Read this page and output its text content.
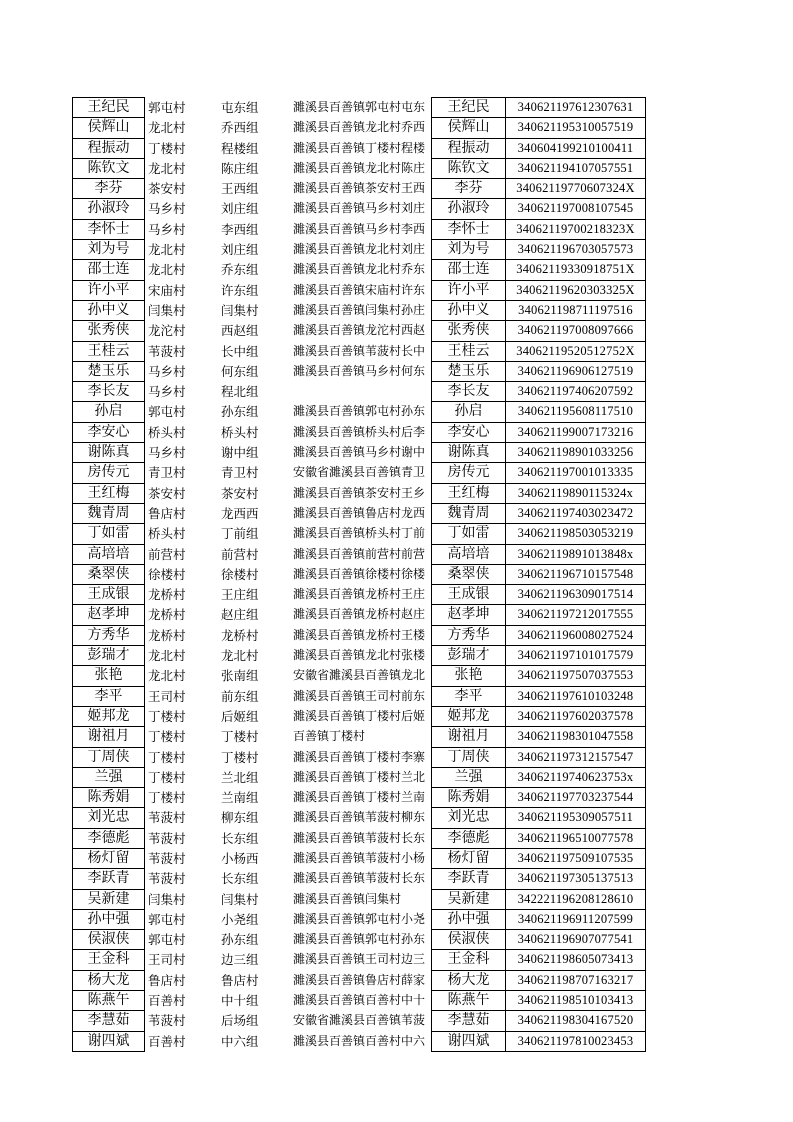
王纪民	郭屯村	屯东组	濉溪县百善镇郭屯村屯东	王纪民	340621197612307631
侯辉山	龙北村	乔西组	濉溪县百善镇龙北村乔西	侯辉山	340621195310057519
程振动	丁楼村	程楼组	濉溪县百善镇丁楼村程楼	程振动	340604199210100411
陈钦文	龙北村	陈庄组	濉溪县百善镇龙北村陈庄	陈钦文	340621194107057551
李芬	茶安村	王西组	濉溪县百善镇茶安村王西	李芬	34062119770607324X
孙淑玲	马乡村	刘庄组	濉溪县百善镇马乡村刘庄	孙淑玲	340621197008107545
李怀士	马乡村	李西组	濉溪县百善镇马乡村李西	李怀士	34062119700218323X
刘为号	龙北村	刘庄组	濉溪县百善镇龙北村刘庄	刘为号	340621196703057573
邵士连	龙北村	乔东组	濉溪县百善镇龙北村乔东	邵士连	34062119330918751X
许小平	宋庙村	许东组	濉溪县百善镇宋庙村许东	许小平	34062119620303325X
孙中义	闫集村	闫集村	濉溪县百善镇闫集村孙庄	孙中义	340621198711197516
张秀侠	龙沱村	西赵组	濉溪县百善镇龙沱村西赵	张秀侠	340621197008097666
王桂云	苇菠村	长中组	濉溪县百善镇苇菠村长中	王桂云	34062119520512752X
楚玉乐	马乡村	何东组	濉溪县百善镇马乡村何东	楚玉乐	340621196906127519
李长友	马乡村	程北组		李长友	340621197406207592
孙启	郭屯村	孙东组	濉溪县百善镇郭屯村孙东	孙启	340621195608117510
李安心	桥头村	桥头村	濉溪县百善镇桥头村后李	李安心	340621199007173216
谢陈真	马乡村	谢中组	濉溪县百善镇马乡村谢中	谢陈真	340621198901033256
房传元	青卫村	青卫村	安徽省濉溪县百善镇青卫	房传元	340621197001013335
王红梅	茶安村	茶安村	濉溪县百善镇茶安村王乡	王红梅	34062119890115324x
魏青周	鲁店村	龙西西	濉溪县百善镇鲁店村龙西	魏青周	340621197403023472
丁如雷	桥头村	丁前组	濉溪县百善镇桥头村丁前	丁如雷	340621198503053219
高培培	前营村	前营村	濉溪县百善镇前营村前营	高培培	34062119891013848x
桑翠侠	徐楼村	徐楼村	濉溪县百善镇徐楼村徐楼	桑翠侠	340621196710157548
王成银	龙桥村	王庄组	濉溪县百善镇龙桥村王庄	王成银	340621196309017514
赵孝坤	龙桥村	赵庄组	濉溪县百善镇龙桥村赵庄	赵孝坤	340621197212017555
方秀华	龙桥村	龙桥村	濉溪县百善镇龙桥村王楼	方秀华	340621196008027524
彭瑞才	龙北村	龙北村	濉溪县百善镇龙北村张楼	彭瑞才	340621197101017579
张艳	龙北村	张南组	安徽省濉溪县百善镇龙北	张艳	340621197507037553
李平	王司村	前东组	濉溪县百善镇王司村前东	李平	340621197610103248
姬邦龙	丁楼村	后姬组	濉溪县百善镇丁楼村后姬	姬邦龙	340621197602037578
谢祖月	丁楼村	丁楼村	百善镇丁楼村	谢祖月	340621198301047558
丁周侠	丁楼村	丁楼村	濉溪县百善镇丁楼村李寨	丁周侠	340621197312157547
兰强	丁楼村	兰北组	濉溪县百善镇丁楼村兰北	兰强	34062119740623753x
陈秀娟	丁楼村	兰南组	濉溪县百善镇丁楼村兰南	陈秀娟	340621197703237544
刘光忠	苇菠村	柳东组	濉溪县百善镇苇菠村柳东	刘光忠	340621195309057511
李德彪	苇菠村	长东组	濉溪县百善镇苇菠村长东	李德彪	340621196510077578
杨灯留	苇菠村	小杨西	濉溪县百善镇苇菠村小杨	杨灯留	340621197509107535
李跃青	苇菠村	长东组	濉溪县百善镇苇菠村长东	李跃青	340621197305137513
吴新建	闫集村	闫集村	濉溪县百善镇闫集村	吴新建	342221196208128610
孙中强	郭屯村	小尧组	濉溪县百善镇郭屯村小尧	孙中强	340621196911207599
侯淑侠	郭屯村	孙东组	濉溪县百善镇郭屯村孙东	侯淑侠	340621196907077541
王金科	王司村	边三组	濉溪县百善镇王司村边三	王金科	340621198605073413
杨大龙	鲁店村	鲁店村	濉溪县百善镇鲁店村薛家	杨大龙	340621198707163217
陈燕午	百善村	中十组	濉溪县百善镇百善村中十	陈燕午	340621198510103413
李慧茹	苇菠村	后场组	安徽省濉溪县百善镇苇菠	李慧茹	340621198304167520
谢四斌	百善村	中六组	濉溪县百善镇百善村中六	谢四斌	340621197810023453
